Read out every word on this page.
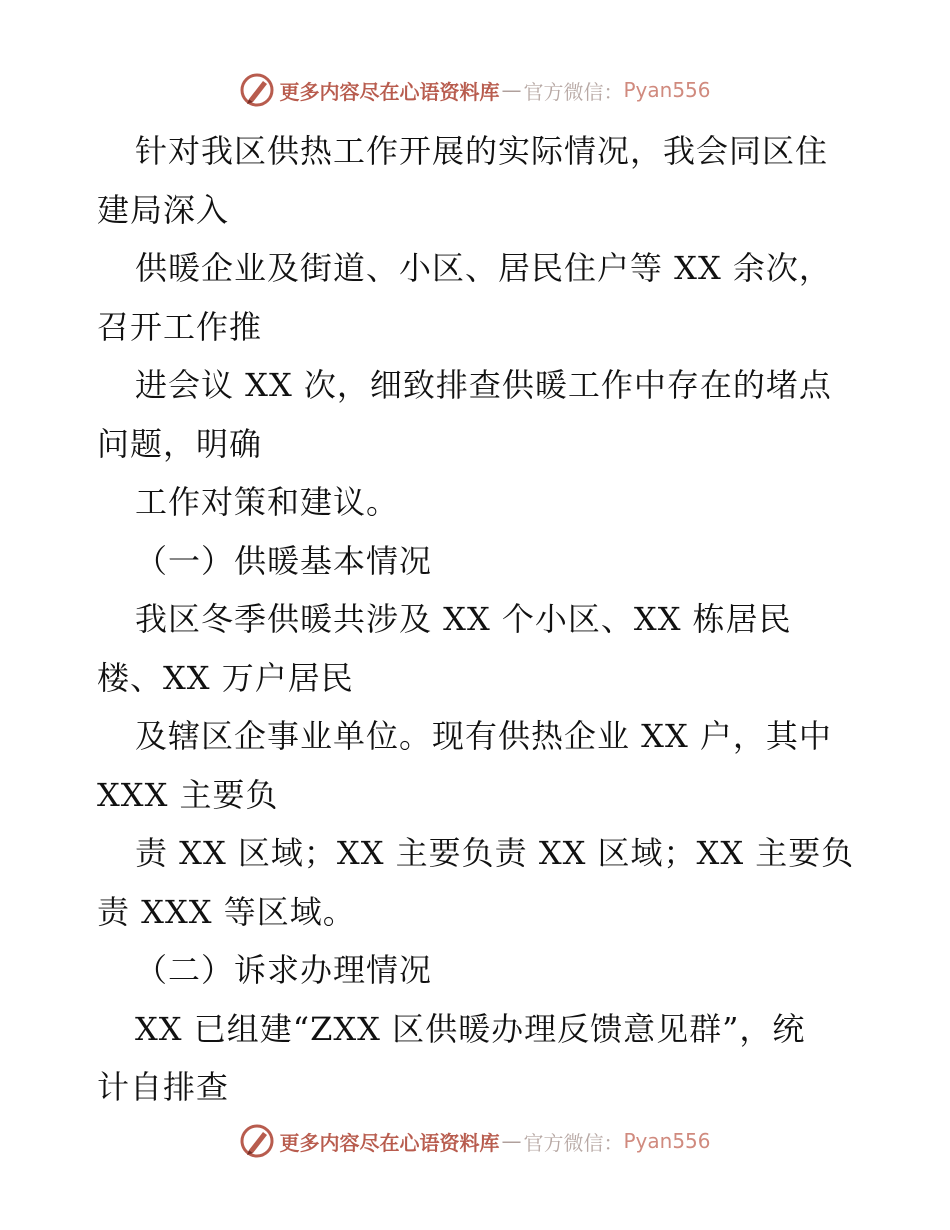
更多内容尽在心语资料库 — 官方微信： Pyan556
针对我区供热工作开展的实际情况，我会同区住
建局深入
供暖企业及街道、小区、居民住户等 XX 余次，
召开工作推
进会议 XX 次，细致排查供暖工作中存在的堵点
问题，明确
工作对策和建议。
（一）供暖基本情况
我区冬季供暖共涉及 XX 个小区、XX 栋居民
楼、XX 万户居民
及辖区企事业单位。现有供热企业 XX 户，其中
XXX 主要负
责 XX 区域；XX 主要负责 XX 区域；XX 主要负
责 XXX 等区域。
（二）诉求办理情况
XX 已组建“ZXX 区供暖办理反馈意见群”，统
计自排查
更多内容尽在心语资料库 — 官方微信： Pyan556
